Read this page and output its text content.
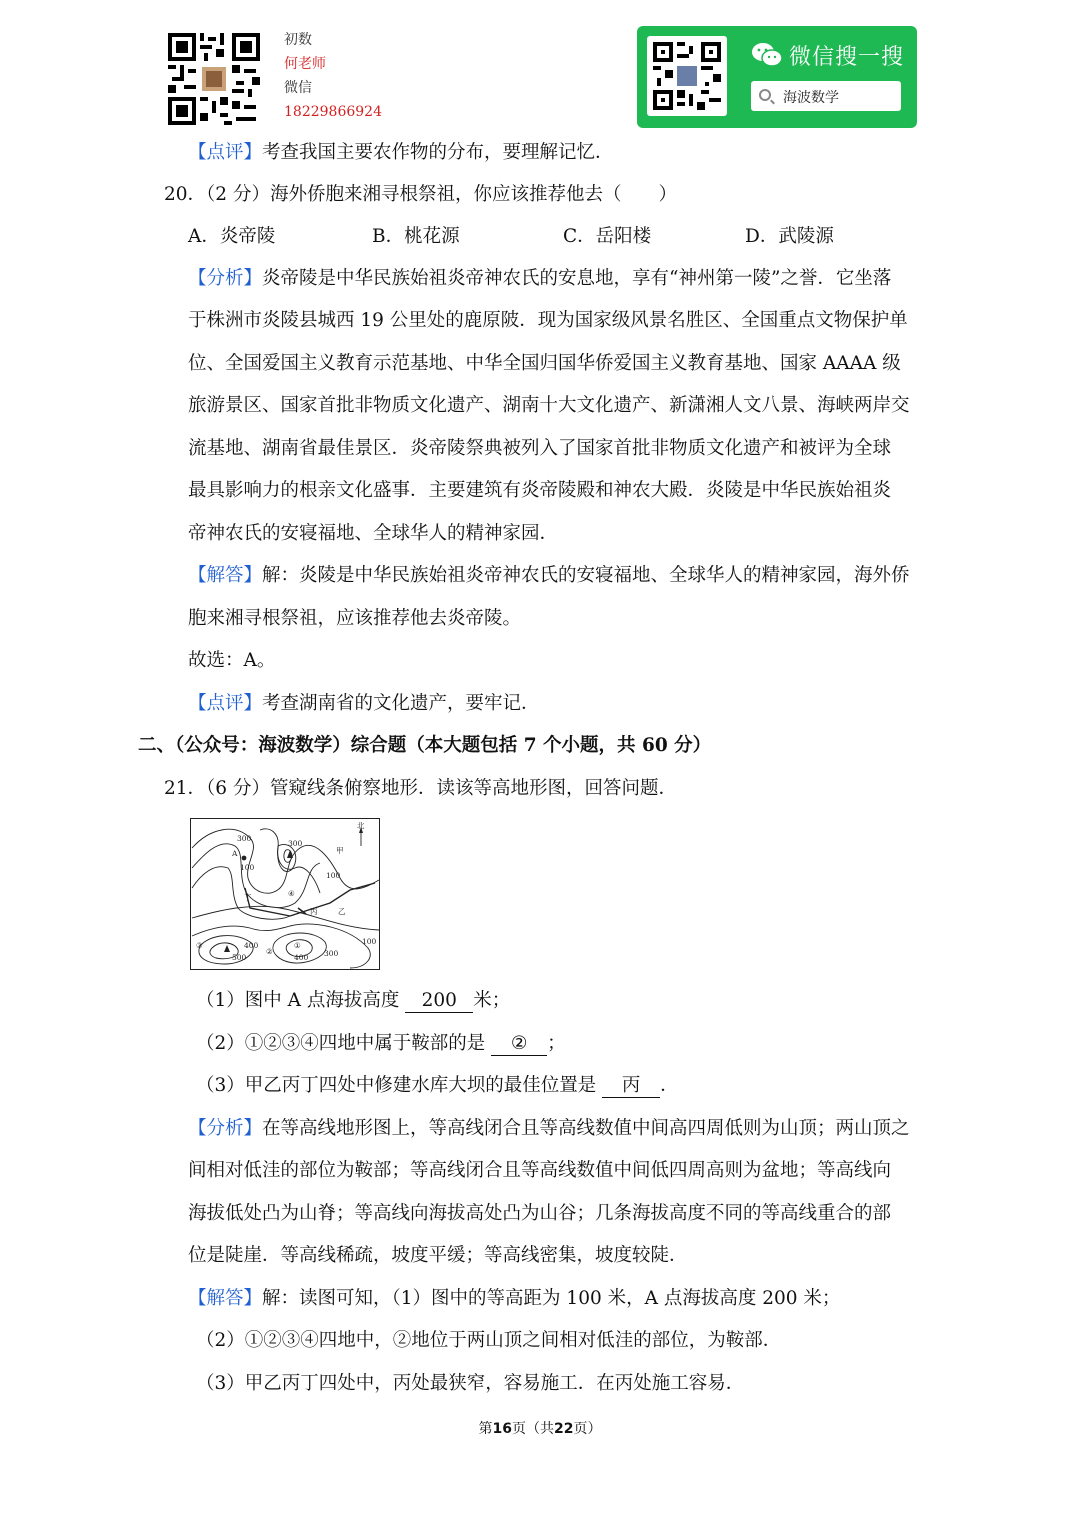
初数
何老师
微信
18229866924
微信搜一搜
海波数学
【点评】考查我国主要农作物的分布，要理解记忆．
20．（2 分）海外侨胞来湘寻根祭祖，你应该推荐他去（　　）
A．炎帝陵	B．桃花源	C．岳阳楼	D．武陵源
【分析】炎帝陵是中华民族始祖炎帝神农氏的安息地，享有“神州第一陵”之誉．它坐落
于株洲市炎陵县城西 19 公里处的鹿原陂．现为国家级风景名胜区、全国重点文物保护单
位、全国爱国主义教育示范基地、中华全国归国华侨爱国主义教育基地、国家 AAAA 级
旅游景区、国家首批非物质文化遗产、湖南十大文化遗产、新潇湘人文八景、海峡两岸交
流基地、湖南省最佳景区．炎帝陵祭典被列入了国家首批非物质文化遗产和被评为全球
最具影响力的根亲文化盛事．主要建筑有炎帝陵殿和神农大殿．炎陵是中华民族始祖炎
帝神农氏的安寝福地、全球华人的精神家园．
【解答】解：炎陵是中华民族始祖炎帝神农氏的安寝福地、全球华人的精神家园，海外侨
胞来湘寻根祭祖，应该推荐他去炎帝陵。
故选：A。
【点评】考查湖南省的文化遗产，要牢记．
二、（公众号：海波数学）综合题（本大题包括 7 个小题，共 60 分）
21．（6 分）管窥线条俯察地形．读该等高地形图，回答问题．
北
300
A
100
300
100
甲
乙
丙
丁	④
③
②
①
400
500	400 300
100
（1）图中 A 点海拔高度 200 米；
（2）①②③④四地中属于鞍部的是 ② ；
（3）甲乙丙丁四处中修建水库大坝的最佳位置是 丙 ．
【分析】在等高线地形图上，等高线闭合且等高线数值中间高四周低则为山顶；两山顶之
间相对低洼的部位为鞍部；等高线闭合且等高线数值中间低四周高则为盆地；等高线向
海拔低处凸为山脊；等高线向海拔高处凸为山谷；几条海拔高度不同的等高线重合的部
位是陡崖．等高线稀疏，坡度平缓；等高线密集，坡度较陡．
【解答】解：读图可知，（1）图中的等高距为 100 米，A 点海拔高度 200 米；
（2）①②③④四地中，②地位于两山顶之间相对低洼的部位，为鞍部．
（3）甲乙丙丁四处中，丙处最狭窄，容易施工．在丙处施工容易．
第16页（共22页）
